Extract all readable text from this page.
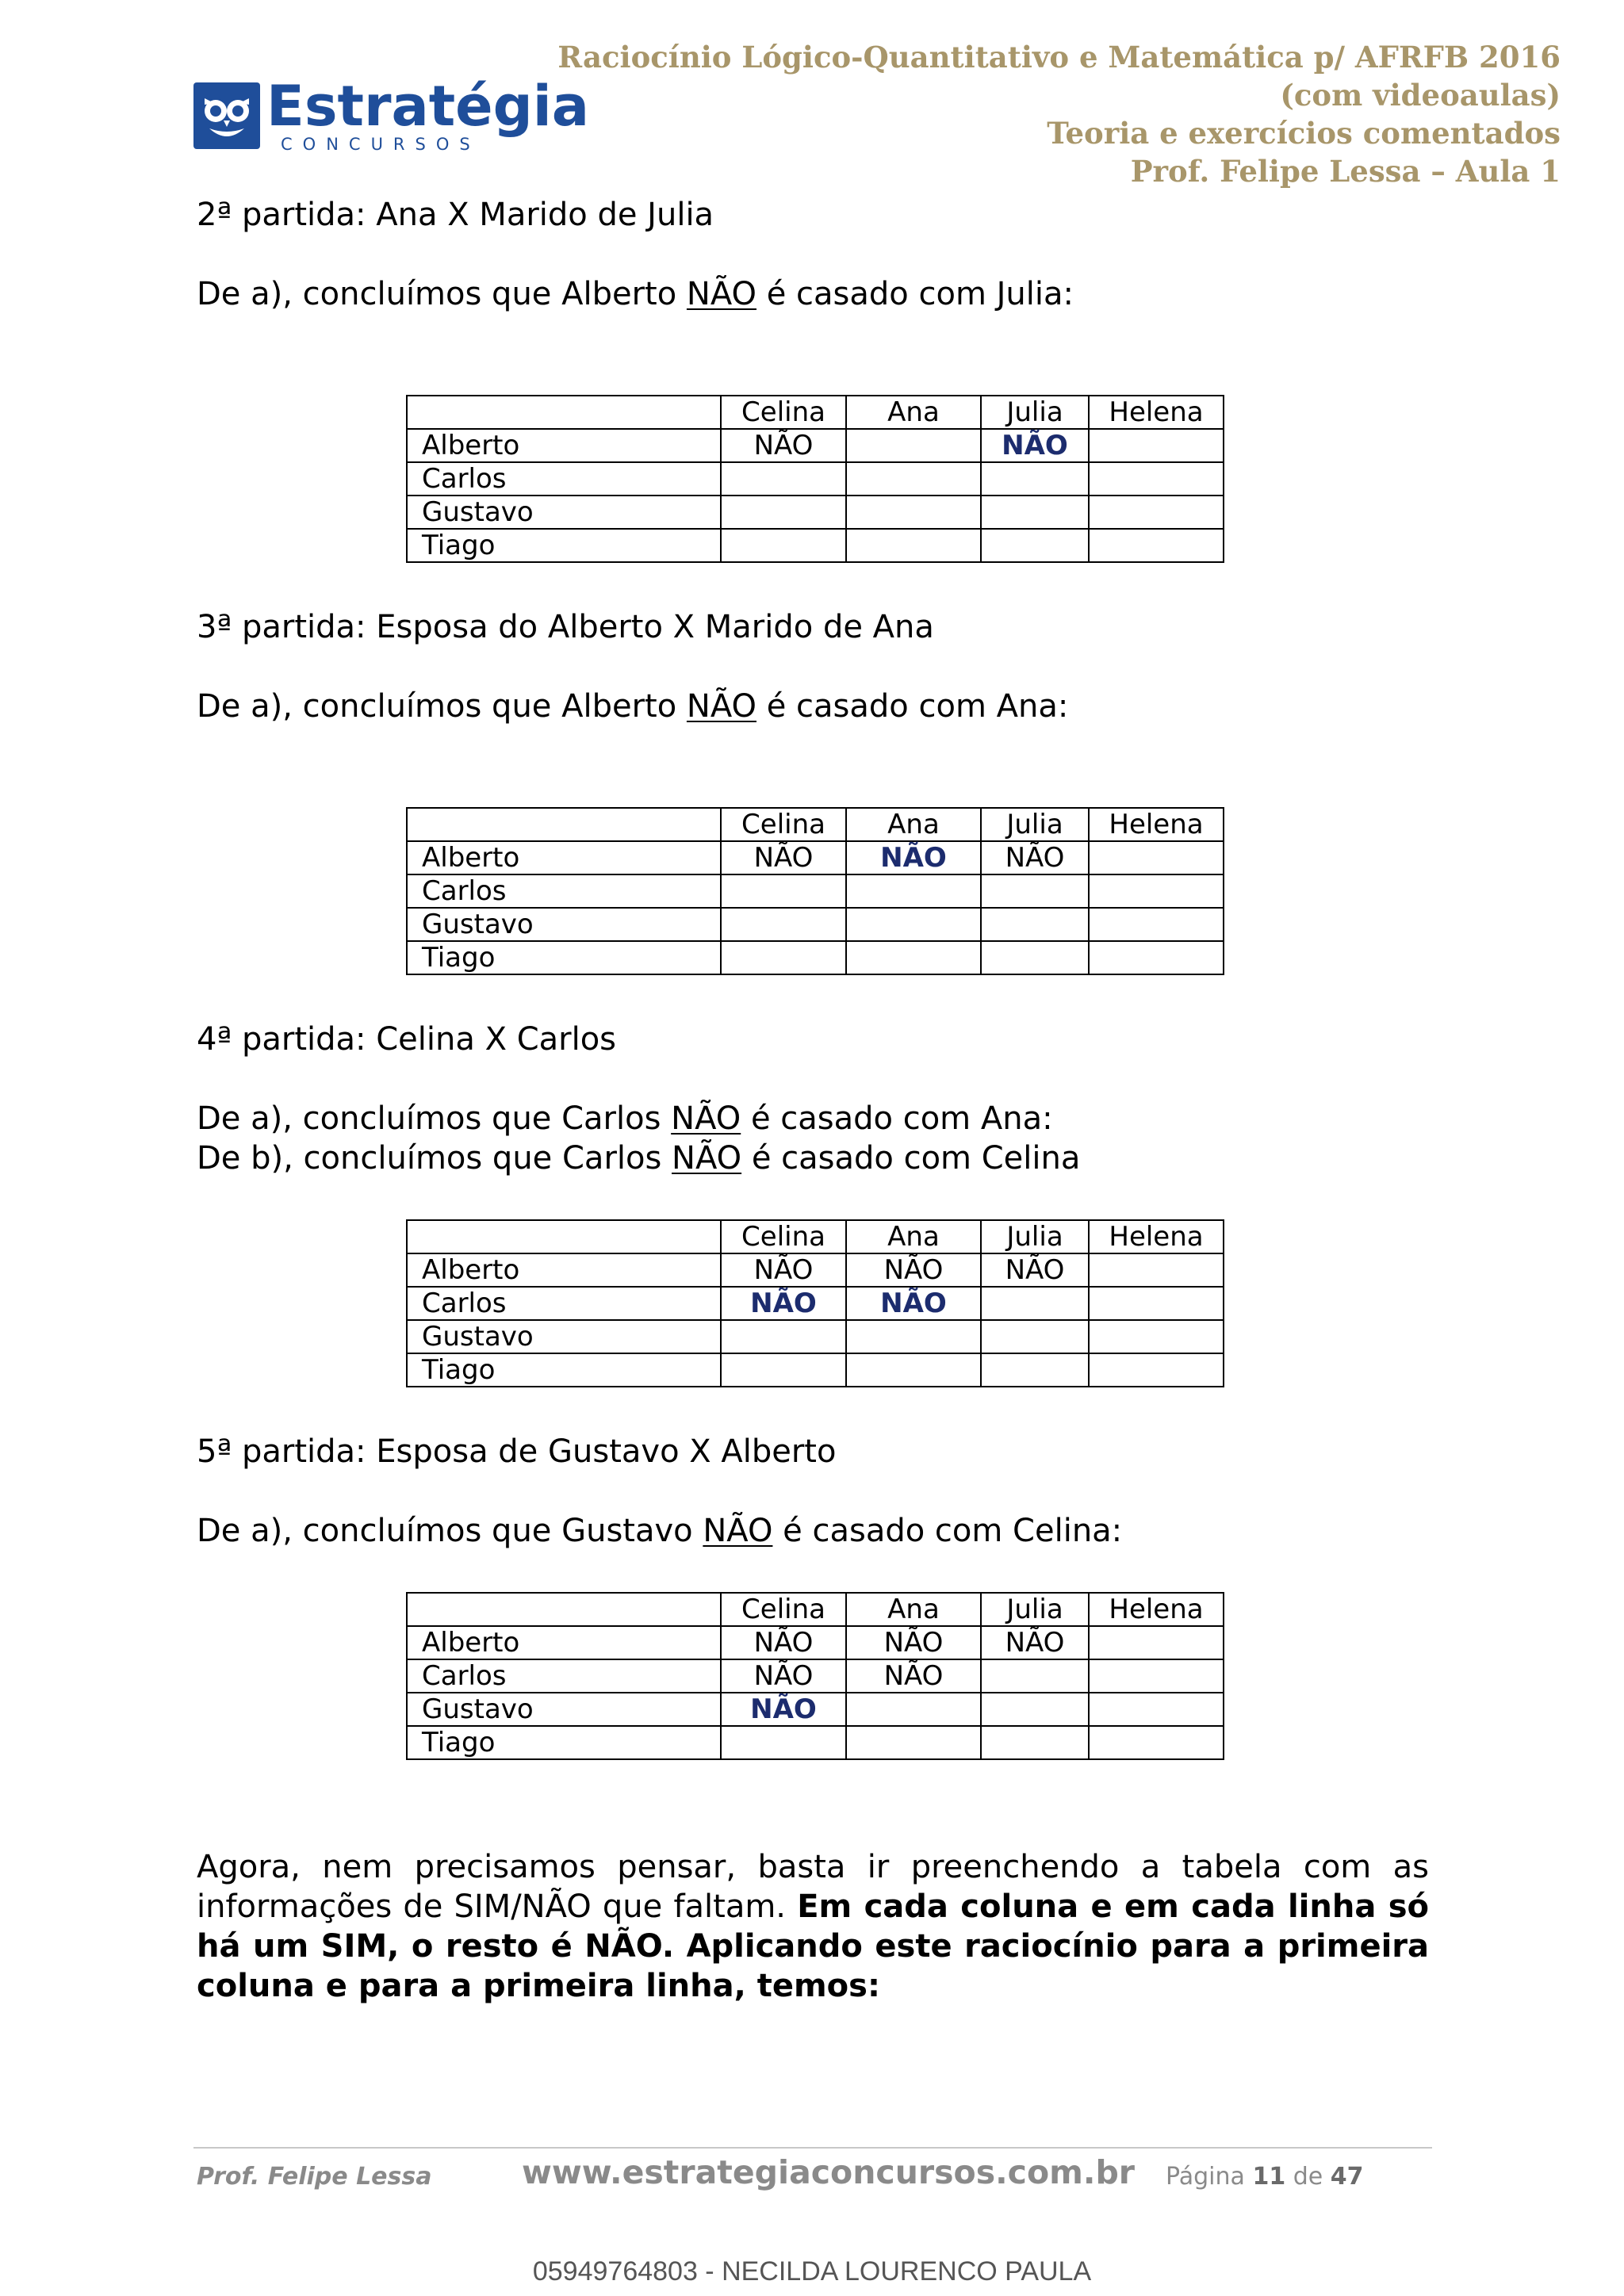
Estratégia
CONCURSOS
Raciocínio Lógico-Quantitativo e Matemática p/ AFRFB 2016
(com videoaulas)
Teoria e exercícios comentados
Prof. Felipe Lessa – Aula 1
2ª partida: Ana X Marido de Julia
De a), concluímos que Alberto NÃO é casado com Julia:
	Celina	Ana	Julia	Helena
Alberto	NÃO		NÃO	
Carlos				
Gustavo				
Tiago				
3ª partida: Esposa do Alberto X Marido de Ana
De a), concluímos que Alberto NÃO é casado com Ana:
	Celina	Ana	Julia	Helena
Alberto	NÃO	NÃO	NÃO	
Carlos				
Gustavo				
Tiago				
4ª partida: Celina X Carlos
De a), concluímos que Carlos NÃO é casado com Ana:
De b), concluímos que Carlos NÃO é casado com Celina
	Celina	Ana	Julia	Helena
Alberto	NÃO	NÃO	NÃO	
Carlos	NÃO	NÃO		
Gustavo				
Tiago				
5ª partida: Esposa de Gustavo X Alberto
De a), concluímos que Gustavo NÃO é casado com Celina:
	Celina	Ana	Julia	Helena
Alberto	NÃO	NÃO	NÃO	
Carlos	NÃO	NÃO		
Gustavo	NÃO			
Tiago				
Agora, nem precisamos pensar, basta ir preenchendo a tabela com as informações de SIM/NÃO que faltam. Em cada coluna e em cada linha só há um SIM, o resto é NÃO. Aplicando este raciocínio para a primeira coluna e para a primeira linha, temos:
Prof. Felipe Lessa	www.estrategiaconcursos.com.br Página 11 de 47
05949764803 - NECILDA LOURENCO PAULA
